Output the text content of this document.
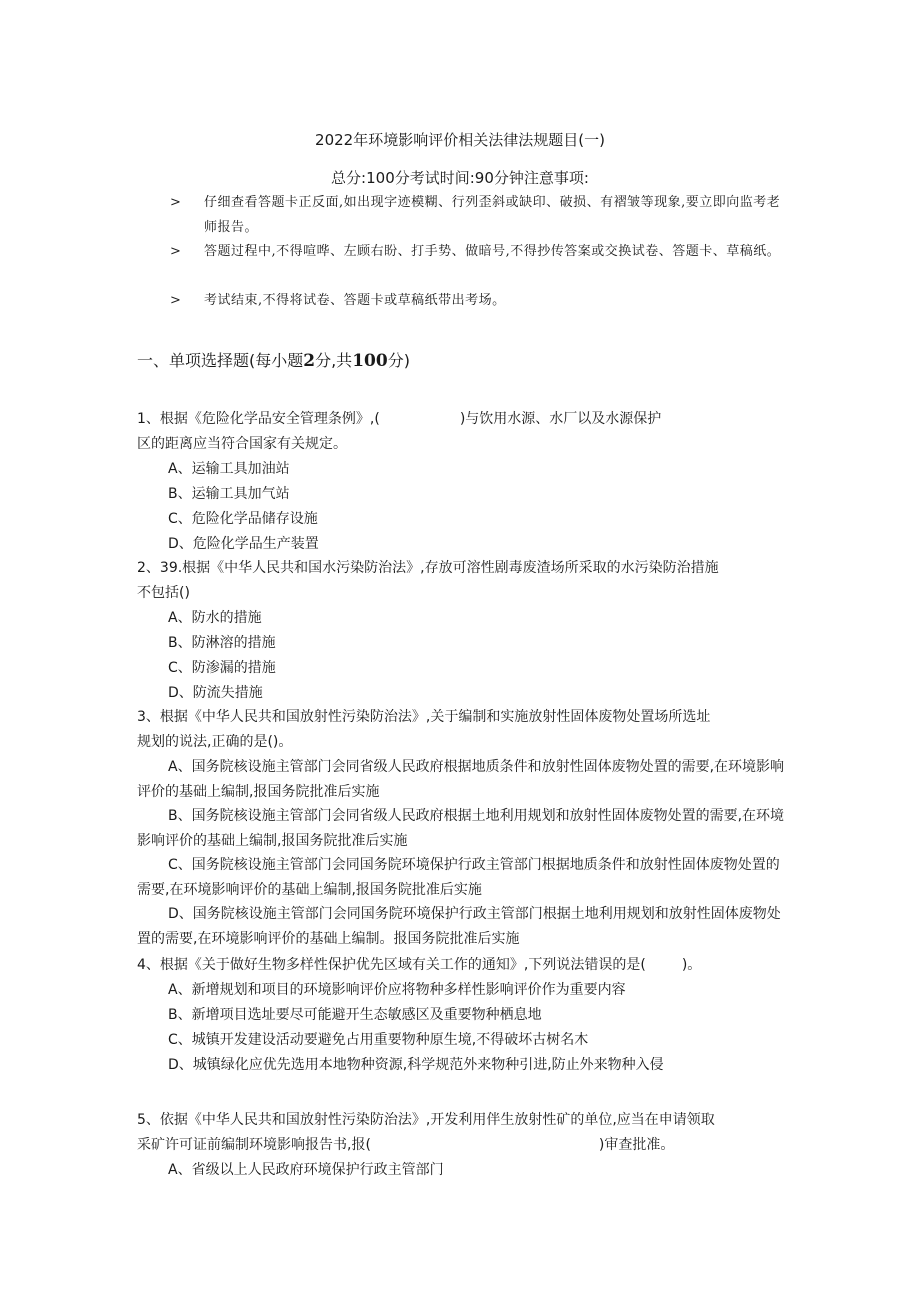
2022年环境影响评价相关法律法规题目(一)
总分:100分考试时间:90分钟注意事项:
>	仔细查看答题卡正反面,如出现字迹模糊、行列歪斜或缺印、破损、有褶皱等现象,要立即向监考老师报告。
>	答题过程中,不得喧哗、左顾右盼、打手势、做暗号,不得抄传答案或交换试卷、答题卡、草稿纸。
>	考试结束,不得将试卷、答题卡或草稿纸带出考场。
一、单项选择题(每小题2分,共100分)
1、根据《危险化学品安全管理条例》,(	)与饮用水源、水厂以及水源保护
区的距离应当符合国家有关规定。
A、运输工具加油站
B、运输工具加气站
C、危险化学品储存设施
D、危险化学品生产装置
2、39.根据《中华人民共和国水污染防治法》,存放可溶性剧毒废渣场所采取的水污染防治措施
不包括()
A、防水的措施
B、防淋溶的措施
C、防渗漏的措施
D、防流失措施
3、根据《中华人民共和国放射性污染防治法》,关于编制和实施放射性固体废物处置场所选址
规划的说法,正确的是()。
A、国务院核设施主管部门会同省级人民政府根据地质条件和放射性固体废物处置的需要,在环境影响评价的基础上编制,报国务院批准后实施
B、国务院核设施主管部门会同省级人民政府根据土地利用规划和放射性固体废物处置的需要,在环境影响评价的基础上编制,报国务院批准后实施
C、国务院核设施主管部门会同国务院环境保护行政主管部门根据地质条件和放射性固体废物处置的需要,在环境影响评价的基础上编制,报国务院批准后实施
D、国务院核设施主管部门会同国务院环境保护行政主管部门根据土地利用规划和放射性固体废物处置的需要,在环境影响评价的基础上编制。报国务院批准后实施
4、根据《关于做好生物多样性保护优先区域有关工作的通知》,下列说法错误的是(	)。
A、新增规划和项目的环境影响评价应将物种多样性影响评价作为重要内容
B、新增项目选址要尽可能避开生态敏感区及重要物种栖息地
C、城镇开发建设活动要避免占用重要物种原生境,不得破坏古树名木
D、城镇绿化应优先选用本地物种资源,科学规范外来物种引进,防止外来物种入侵
5、依据《中华人民共和国放射性污染防治法》,开发利用伴生放射性矿的单位,应当在申请领取
采矿许可证前编制环境影响报告书,报(	)审查批准。
A、省级以上人民政府环境保护行政主管部门
